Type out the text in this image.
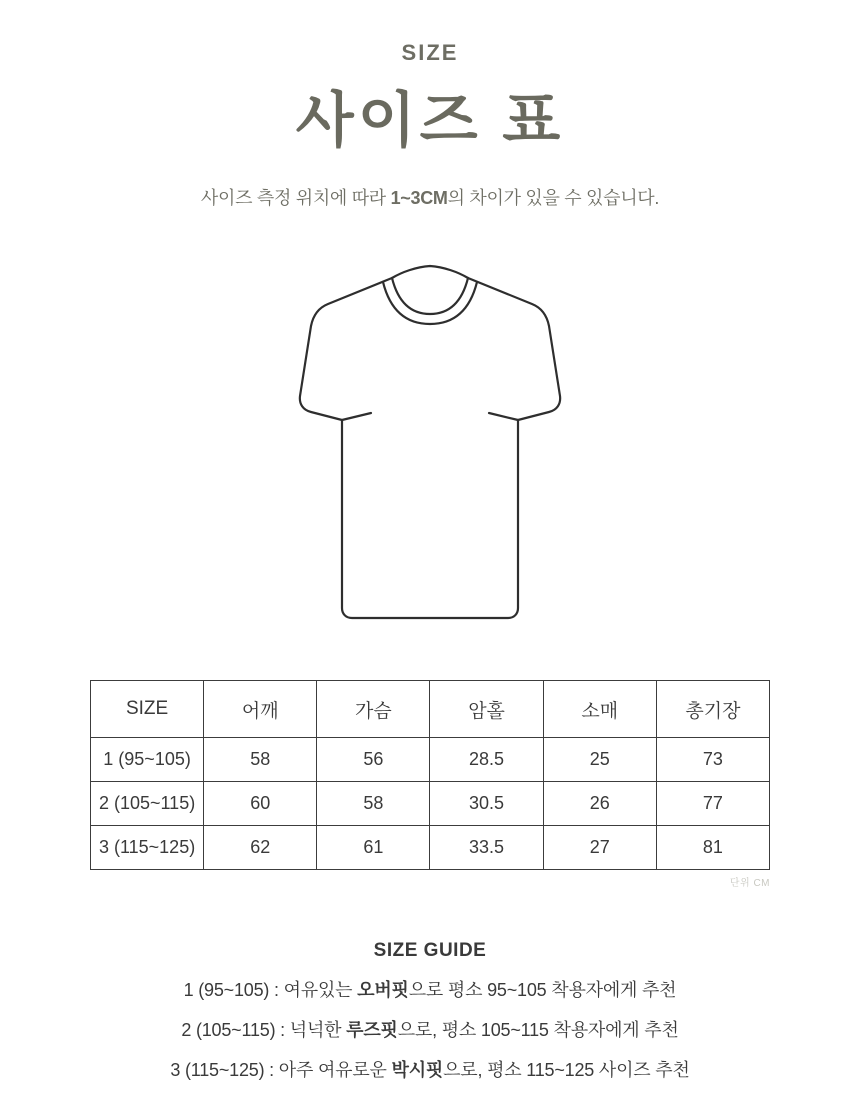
SIZE
사이즈 표
사이즈 측정 위치에 따라 1~3CM의 차이가 있을 수 있습니다.
SIZE	어깨	가슴	암홀	소매	총기장
1 (95~105)	58	56	28.5	25	73
2 (105~115)	60	58	30.5	26	77
3 (115~125)	62	61	33.5	27	81
단위 CM
SIZE GUIDE
1 (95~105) : 여유있는 오버핏으로 평소 95~105 착용자에게 추천
2 (105~115) : 넉넉한 루즈핏으로, 평소 105~115 착용자에게 추천
3 (115~125) : 아주 여유로운 박시핏으로, 평소 115~125 사이즈 추천
